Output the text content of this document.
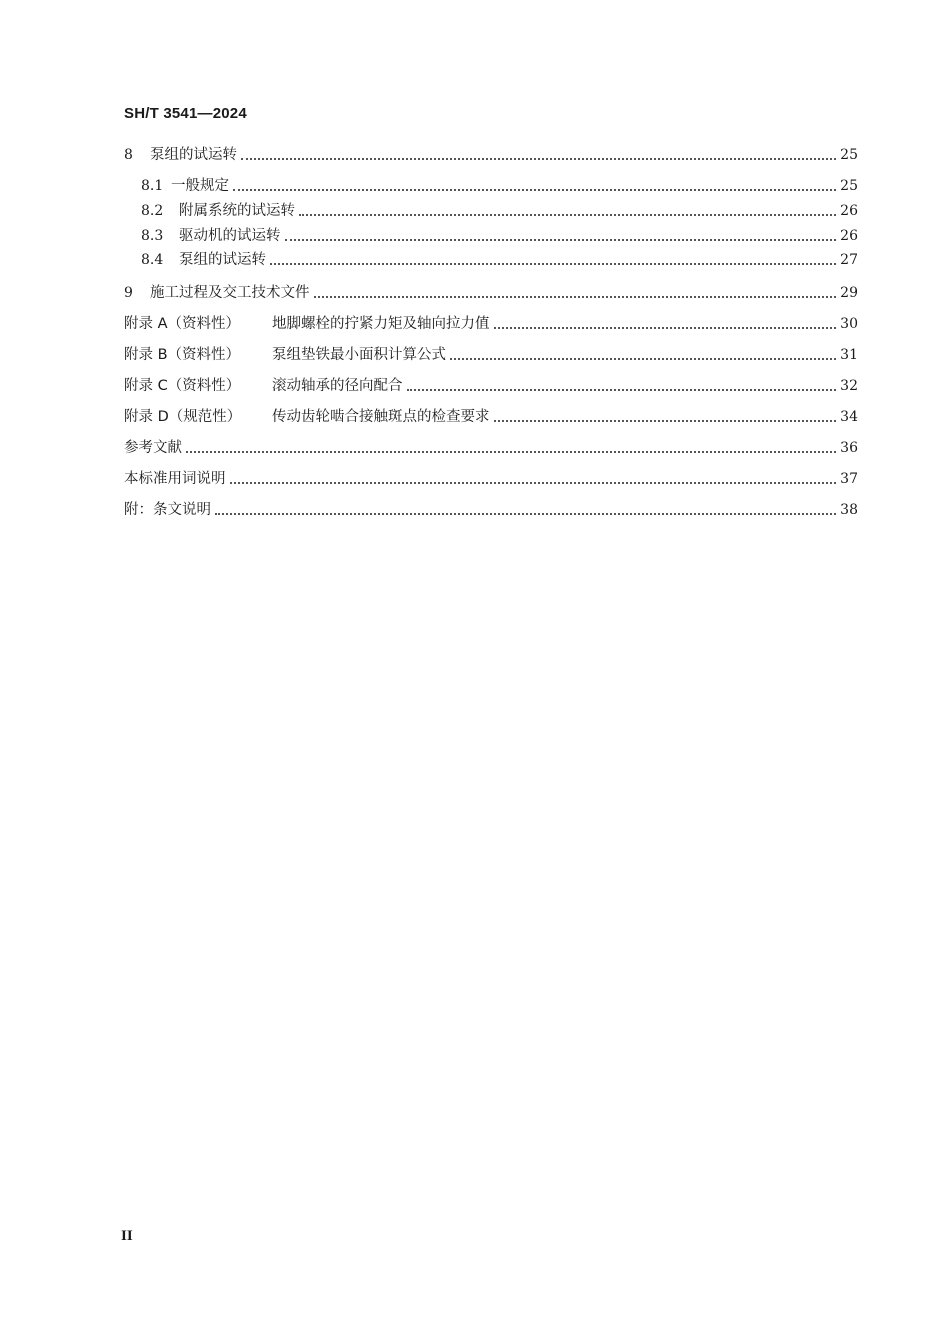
SH/T 3541—2024
8	泵组的试运转	25
8.1 一般规定	25
8.2	附属系统的试运转	26
8.3	驱动机的试运转	26
8.4	泵组的试运转	27
9	施工过程及交工技术文件	29
附录 A（资料性）	地脚螺栓的拧紧力矩及轴向拉力值	30
附录 B（资料性）	泵组垫铁最小面积计算公式	31
附录 C（资料性）	滚动轴承的径向配合	32
附录 D（规范性）	传动齿轮啮合接触斑点的检查要求	34
参考文献	36
本标准用词说明	37
附：条文说明	38
II
